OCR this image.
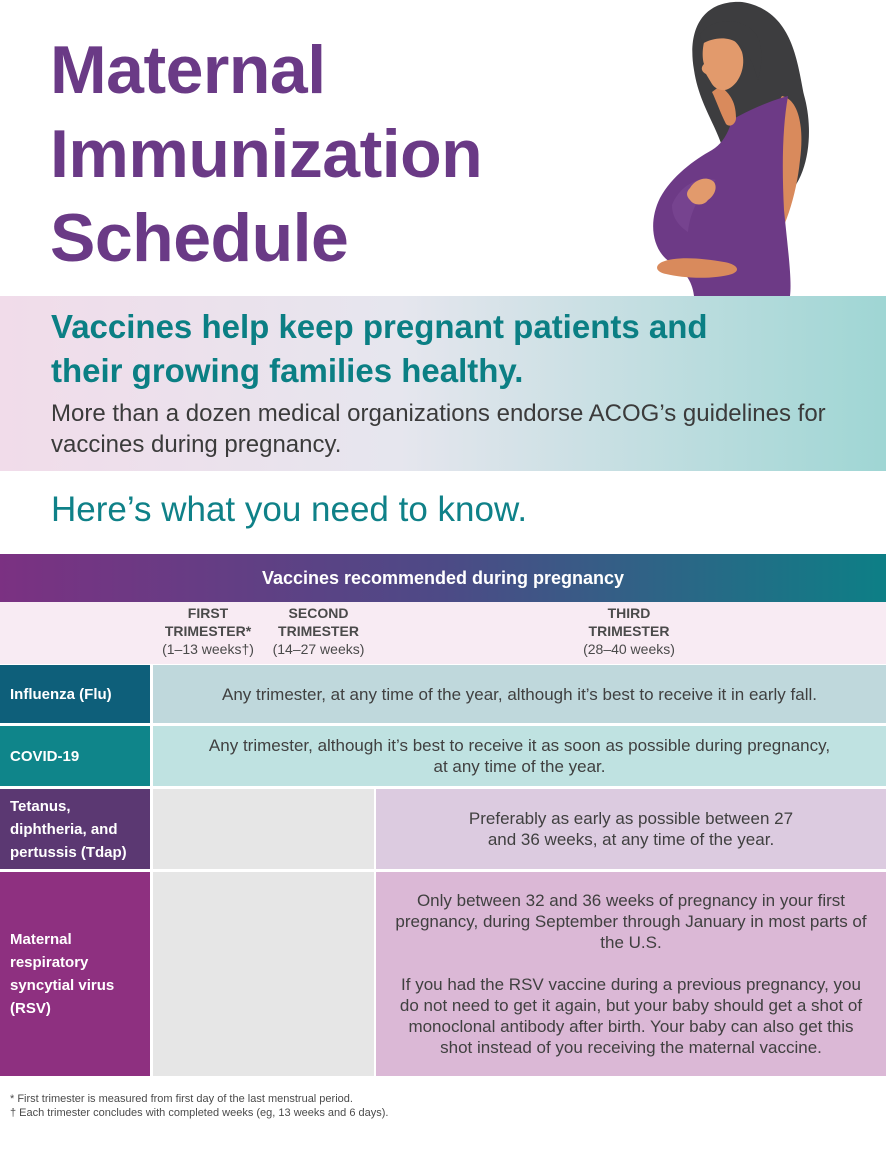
Maternal
Immunization
Schedule
Vaccines help keep pregnant patients and
their growing families healthy.

More than a dozen medical organizations endorse ACOG’s guidelines for vaccines during pregnancy.

Here’s what you need to know.

Vaccines recommended during pregnancy
FIRST
TRIMESTER*
(1–13 weeks†)
SECOND
TRIMESTER
(14–27 weeks)
THIRD
TRIMESTER
(28–40 weeks)
Influenza (Flu)	Any trimester, at any time of the year, although it’s best to receive it in early fall.
COVID-19
Any trimester, although it’s best to receive it as soon as possible during pregnancy,
at any time of the year.
Tetanus,
diphtheria, and
pertussis (Tdap)
Preferably as early as possible between 27
and 36 weeks, at any time of the year.
Maternal
respiratory
syncytial virus
(RSV)
Only between 32 and 36 weeks of pregnancy in your first pregnancy, during September through January in most parts of the U.S.
If you had the RSV vaccine during a previous pregnancy, you do not need to get it again, but your baby should get a shot of monoclonal antibody after birth. Your baby can also get this shot instead of you receiving the maternal vaccine.
* First trimester is measured from first day of the last menstrual period.
† Each trimester concludes with completed weeks (eg, 13 weeks and 6 days).
